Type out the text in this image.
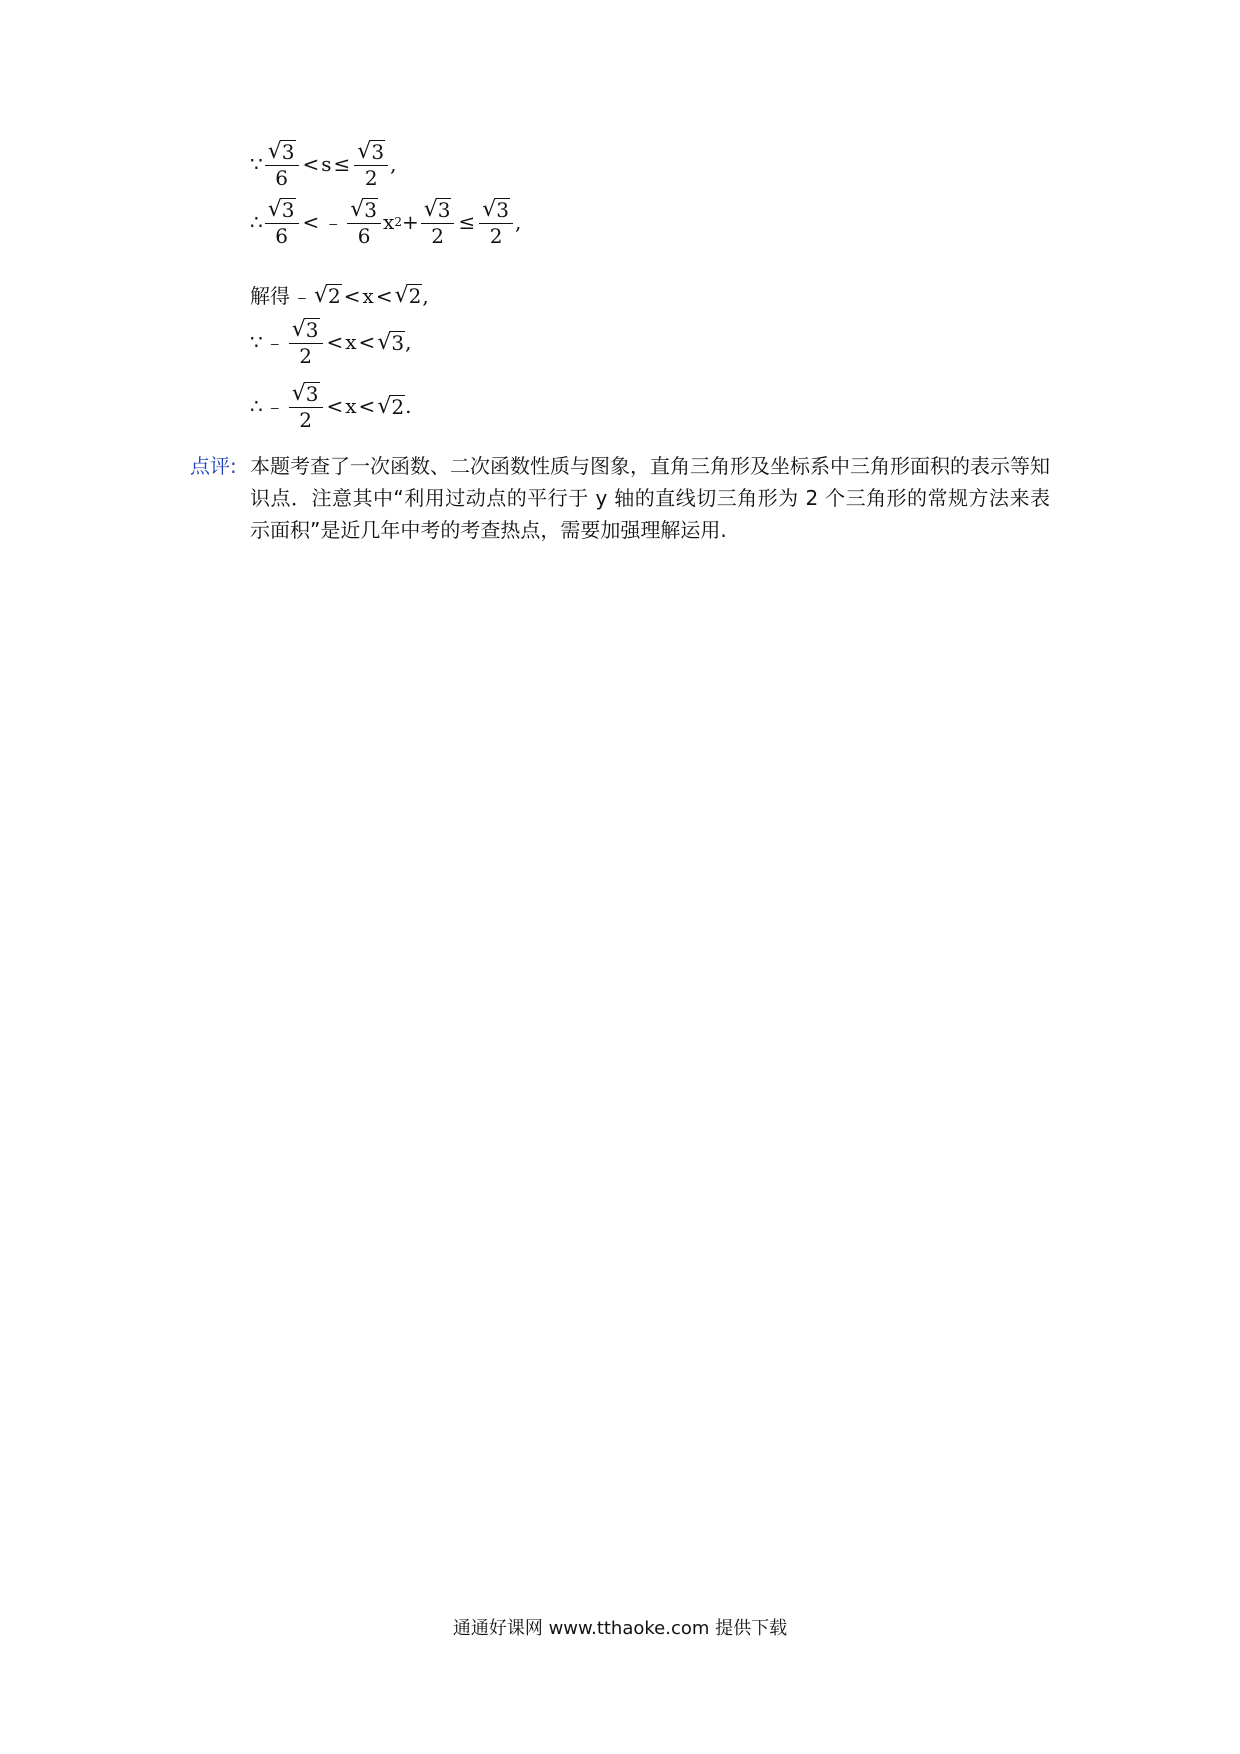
∵ $\frac{√ 3}{6} < s \le \frac{√ 3}{2}$ ,
∴ $\frac{√ 3}{6}$ < ﹣ $\frac{√ 3}{6}$ x $2 + \frac{√ 3}{2} \le \frac{√ 3}{2}$ ,
解得 ﹣ √ 2 < x < √ 2 ,
∵ ﹣ $\frac{√ 3}{2} < x$ < √ 3 ,
∴ ﹣ $\frac{√ 3}{2} < x$ < √ 2 .
点评: 本题考查了一次函数、二次函数性质与图象，直角三角形及坐标系中三角形面积的表示等知识点．注意其中“利用过动点的平行于 y 轴的直线切三角形为 2 个三角形的常规方法来表示面积”是近几年中考的考查热点，需要加强理解运用.
通通好课网 www.tthaoke.com 提供下载
